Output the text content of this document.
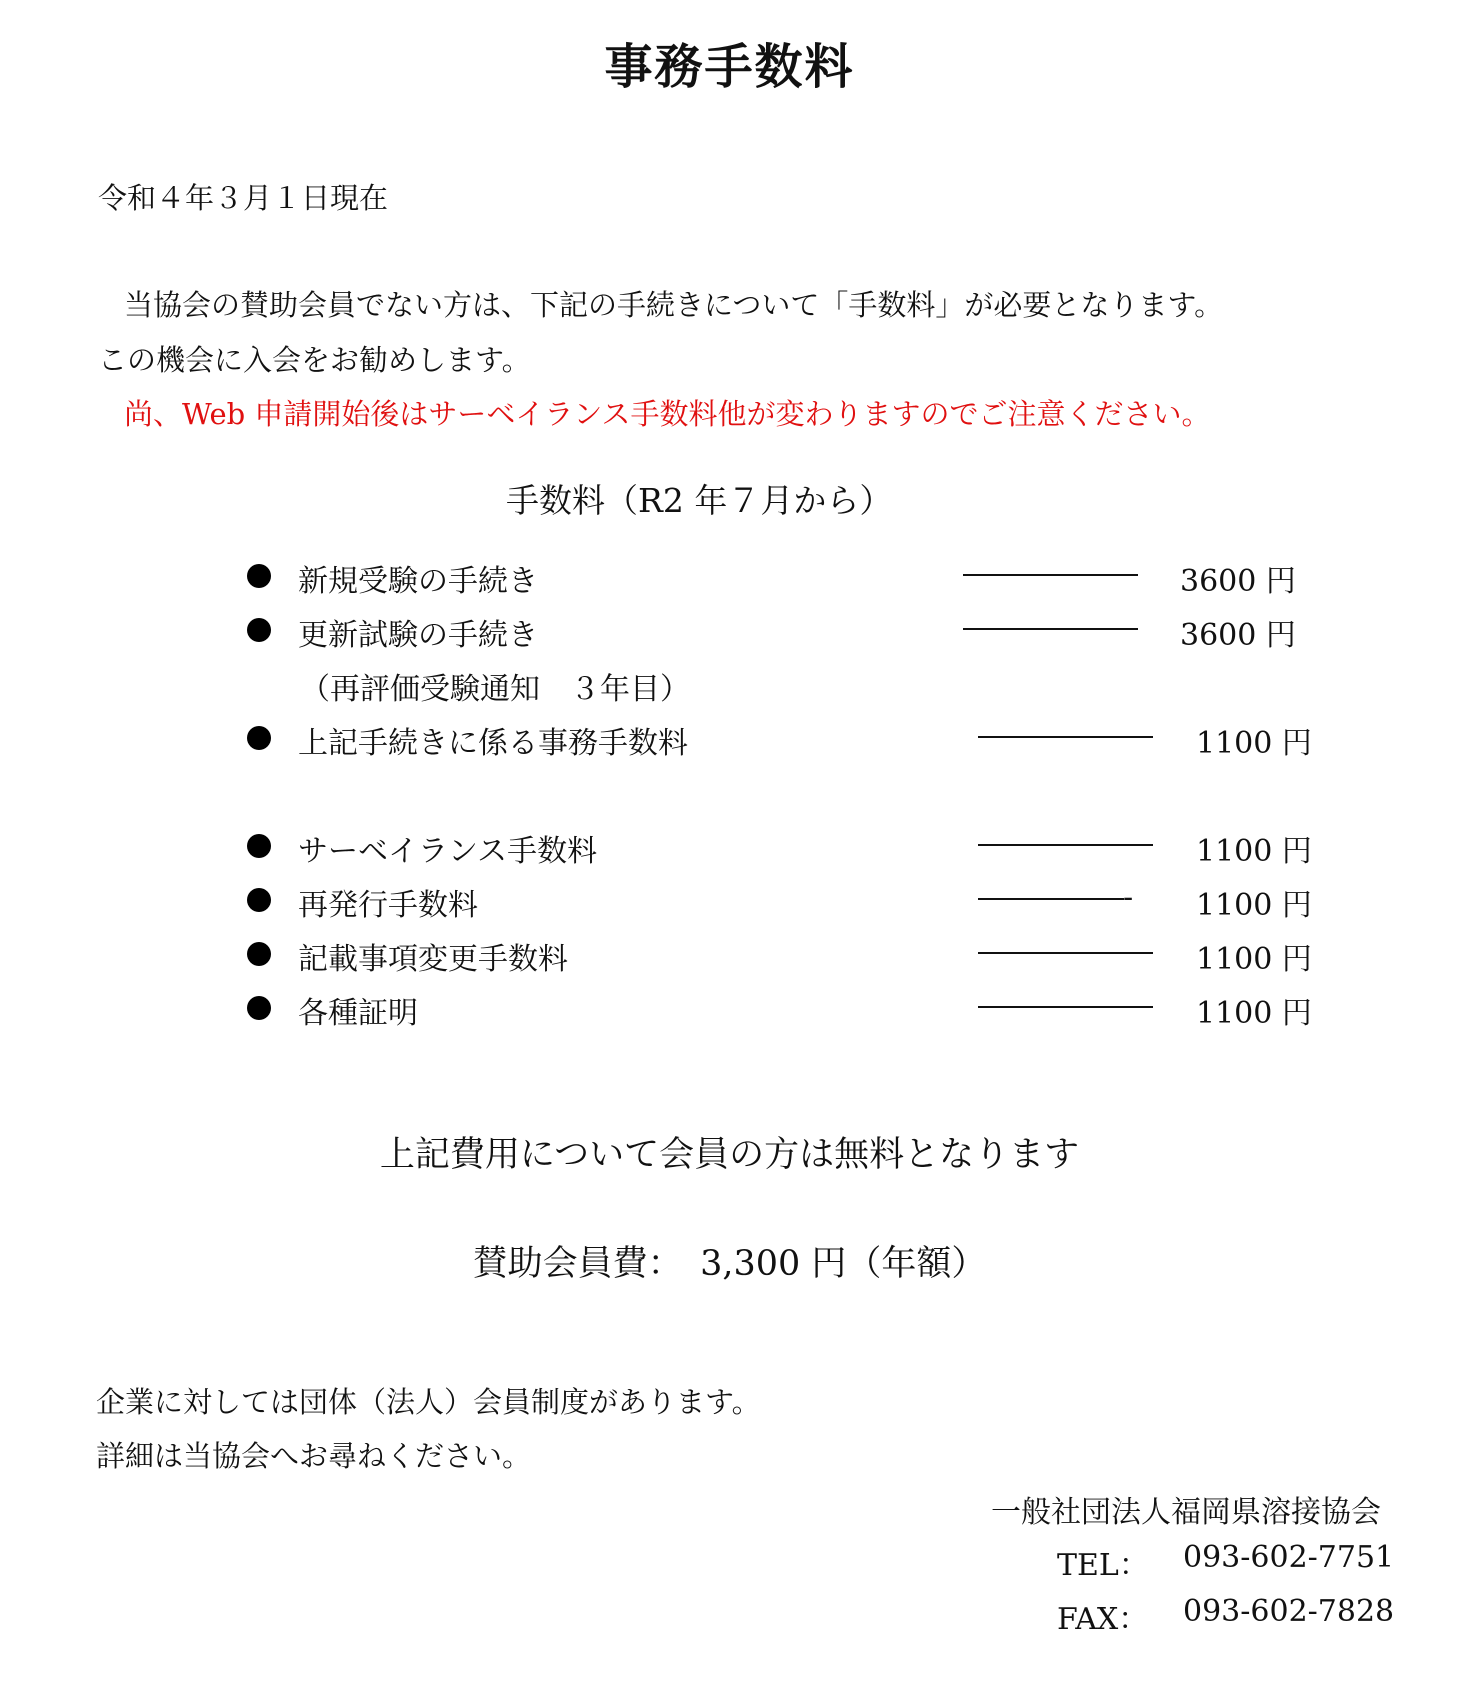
事務手数料
令和４年３月１日現在
当協会の賛助会員でない方は、下記の手続きについて「手数料」が必要となります。
この機会に入会をお勧めします。
尚、Web 申請開始後はサーベイランス手数料他が変わりますのでご注意ください。
手数料（R2 年７月から）
新規受験の手続き	―――――― 3600 円
更新試験の手続き	―――――― 3600 円
（再評価受験通知　３年目）
上記手続きに係る事務手数料	―――――― 1100 円
サーベイランス手数料	―――――― 1100 円
再発行手数料	―――――‐ 1100 円
記載事項変更手数料	―――――― 1100 円
各種証明	―――――― 1100 円
上記費用について会員の方は無料となります
賛助会員費：　3,300 円（年額）
企業に対しては団体（法人）会員制度があります。
詳細は当協会へお尋ねください。
一般社団法人福岡県溶接協会
TEL： 093-602-7751
FAX： 093-602-7828
